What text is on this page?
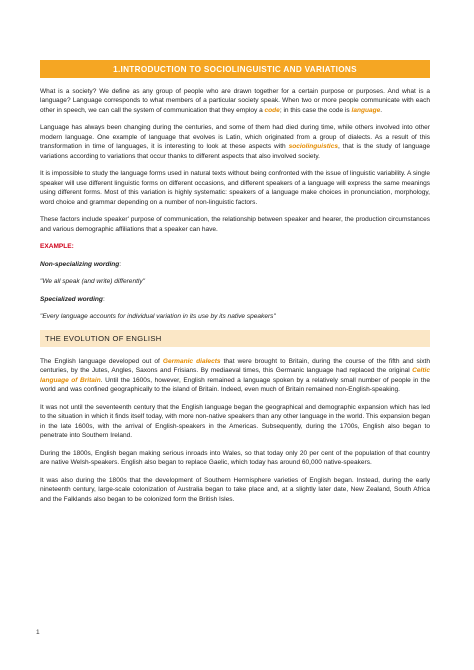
1.INTRODUCTION TO SOCIOLINGUISTIC AND VARIATIONS

What is a society? We define as any group of people who are drawn together for a certain purpose or purposes. And what is a language? Language corresponds to what members of a particular society speak. When two or more people communicate with each other in speech, we can call the system of communication that they employ a code; in this case the code is language.

Language has always been changing during the centuries, and some of them had died during time, while others involved into other modern language. One example of language that evolves is Latin, which originated from a group of dialects. As a result of this transformation in time of languages, it is interesting to look at these aspects with sociolinguistics, that is the study of language variations according to variations that occur thanks to different aspects that also involved society.

It is impossible to study the language forms used in natural texts without being confronted with the issue of linguistic variability. A single speaker will use different linguistic forms on different occasions, and different speakers of a language will express the same meanings using different forms. Most of this variation is highly systematic: speakers of a language make choices in pronunciation, morphology, word choice and grammar depending on a number of non-linguistic factors.

These factors include speaker' purpose of communication, the relationship between speaker and hearer, the production circumstances and various demographic affiliations that a speaker can have.

EXAMPLE:

Non-specializing wording:

"We all speak (and write) differently"

Specialized wording:

"Every language accounts for individual variation in its use by its native speakers"

THE EVOLUTION OF ENGLISH

The English language developed out of Germanic dialects that were brought to Britain, during the course of the fifth and sixth centuries, by the Jutes, Angles, Saxons and Frisians. By mediaeval times, this Germanic language had replaced the original Celtic language of Britain. Until the 1600s, however, English remained a language spoken by a relatively small number of people in the world and was confined geographically to the island of Britain. Indeed, even much of Britain remained non-English-speaking.

It was not until the seventeenth century that the English language began the geographical and demographic expansion which has led to the situation in which it finds itself today, with more non-native speakers than any other language in the world. This expansion began in the late 1600s, with the arrival of English-speakers in the Americas. Subsequently, during the 1700s, English also began to penetrate into Southern Ireland.

During the 1800s, English began making serious inroads into Wales, so that today only 20 per cent of the population of that country are native Welsh-speakers. English also began to replace Gaelic, which today has around 60,000 native-speakers.

It was also during the 1800s that the development of Southern Hermisphere varieties of English began. Instead, during the early nineteenth century, large-scale colonization of Australia began to take place and, at a slightly later date, New Zealand, South Africa and the Falklands also began to be colonized form the British Isles.

1
